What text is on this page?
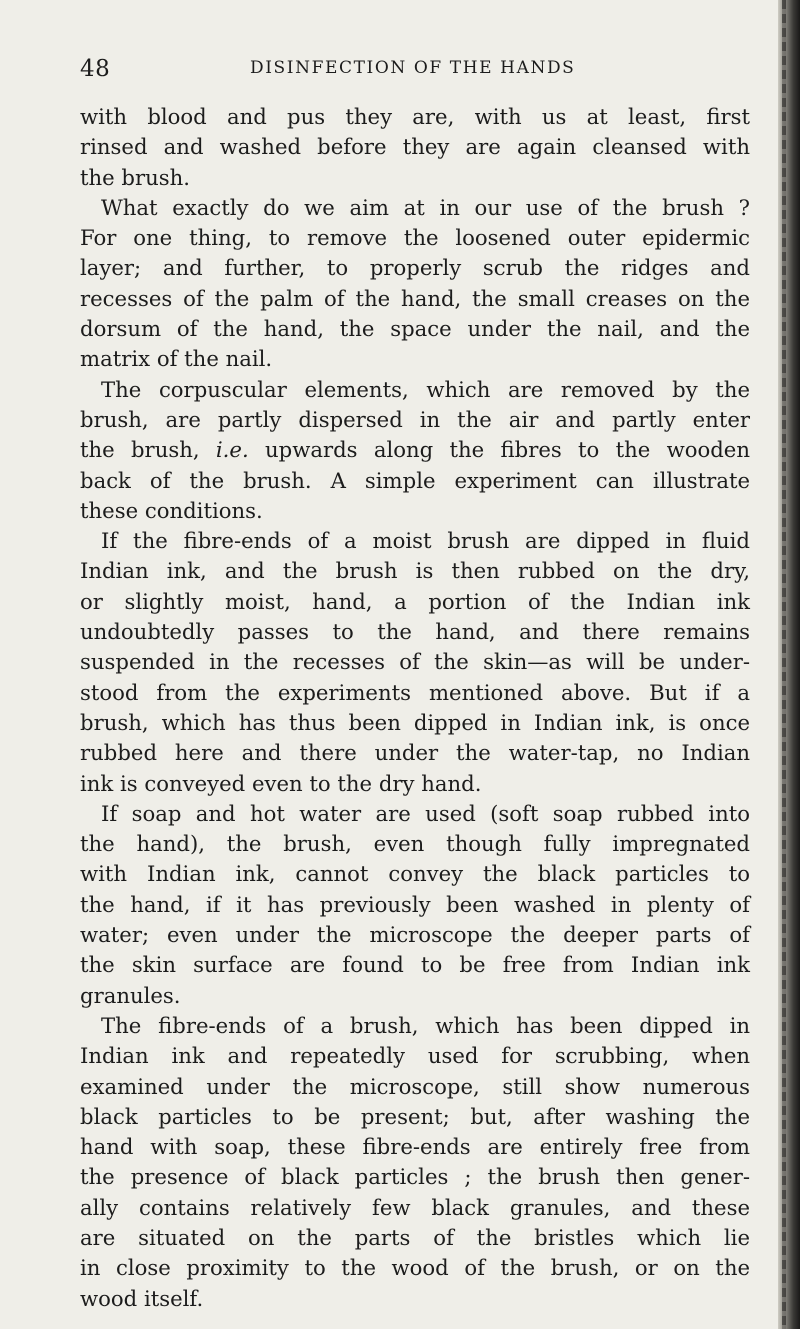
48	DISINFECTION OF THE HANDS
with blood and pus they are, with us at least, first
rinsed and washed before they are again cleansed with
the brush.
What exactly do we aim at in our use of the brush ?
For one thing, to remove the loosened outer epidermic
layer; and further, to properly scrub the ridges and
recesses of the palm of the hand, the small creases on the
dorsum of the hand, the space under the nail, and the
matrix of the nail.
The corpuscular elements, which are removed by the
brush, are partly dispersed in the air and partly enter
the brush, i.e. upwards along the fibres to the wooden
back of the brush. A simple experiment can illustrate
these conditions.
If the fibre-ends of a moist brush are dipped in fluid
Indian ink, and the brush is then rubbed on the dry,
or slightly moist, hand, a portion of the Indian ink
undoubtedly passes to the hand, and there remains
suspended in the recesses of the skin—as will be under-
stood from the experiments mentioned above. But if a
brush, which has thus been dipped in Indian ink, is once
rubbed here and there under the water-tap, no Indian
ink is conveyed even to the dry hand.
If soap and hot water are used (soft soap rubbed into
the hand), the brush, even though fully impregnated
with Indian ink, cannot convey the black particles to
the hand, if it has previously been washed in plenty of
water; even under the microscope the deeper parts of
the skin surface are found to be free from Indian ink
granules.
The fibre-ends of a brush, which has been dipped in
Indian ink and repeatedly used for scrubbing, when
examined under the microscope, still show numerous
black particles to be present; but, after washing the
hand with soap, these fibre-ends are entirely free from
the presence of black particles ; the brush then gener-
ally contains relatively few black granules, and these
are situated on the parts of the bristles which lie
in close proximity to the wood of the brush, or on the
wood itself.
